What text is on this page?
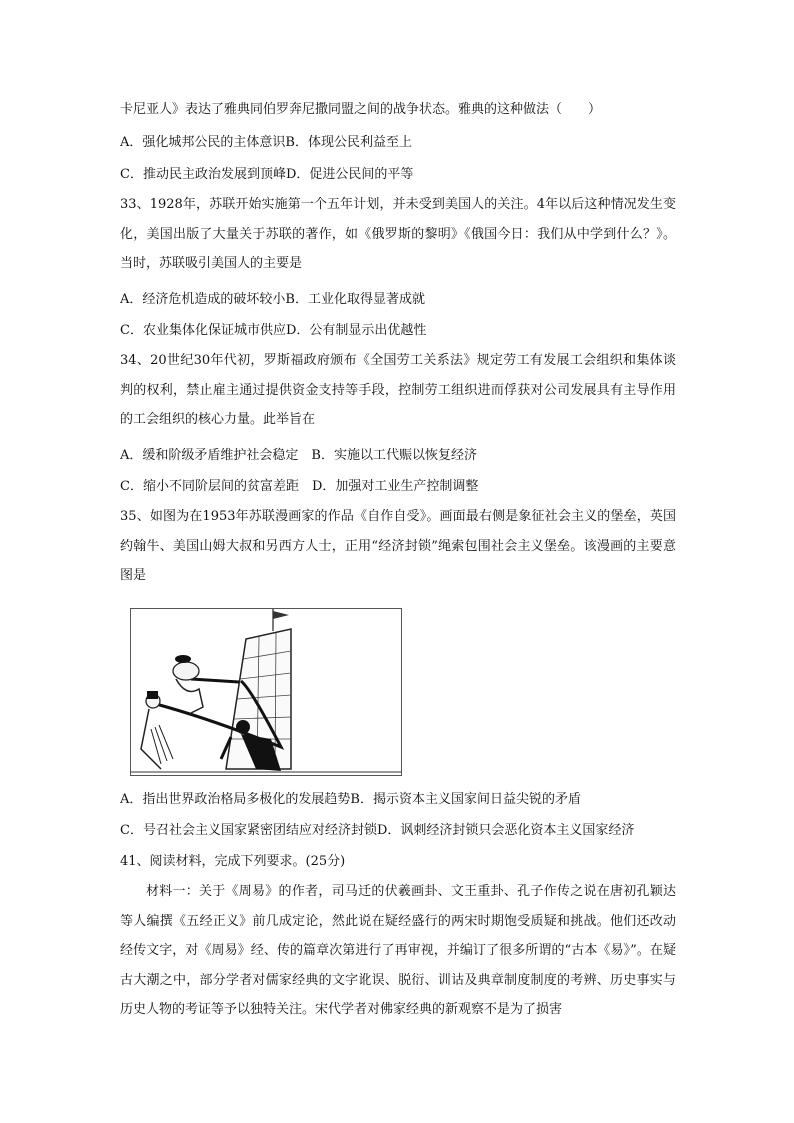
卡尼亚人》表达了雅典同伯罗奔尼撒同盟之间的战争状态。雅典的这种做法（　　）
A．强化城邦公民的主体意识B．体现公民利益至上
C．推动民主政治发展到顶峰D．促进公民间的平等
33、1928年，苏联开始实施第一个五年计划，并未受到美国人的关注。4年以后这种情况发生变化，美国出版了大量关于苏联的著作，如《俄罗斯的黎明》《俄国今日：我们从中学到什么？》。当时，苏联吸引美国人的主要是
A．经济危机造成的破坏较小B．工业化取得显著成就
C．农业集体化保证城市供应D．公有制显示出优越性
34、20世纪30年代初，罗斯福政府颁布《全国劳工关系法》规定劳工有发展工会组织和集体谈判的权利，禁止雇主通过提供资金支持等手段，控制劳工组织进而俘获对公司发展具有主导作用的工会组织的核心力量。此举旨在
A．缓和阶级矛盾维护社会稳定　B．实施以工代赈以恢复经济
C．缩小不同阶层间的贫富差距　D．加强对工业生产控制调整
35、如图为在1953年苏联漫画家的作品《自作自受》。画面最右侧是象征社会主义的堡垒，英国约翰牛、美国山姆大叔和另西方人士，正用“经济封锁”绳索包围社会主义堡垒。该漫画的主要意图是
A．指出世界政治格局多极化的发展趋势B．揭示资本主义国家间日益尖锐的矛盾
C．号召社会主义国家紧密团结应对经济封锁D．讽刺经济封锁只会恶化资本主义国家经济
41、阅读材料，完成下列要求。(25分)
材料一：关于《周易》的作者，司马迁的伏羲画卦、文王重卦、孔子作传之说在唐初孔颖达等人编撰《五经正义》前几成定论，然此说在疑经盛行的两宋时期饱受质疑和挑战。他们还改动经传文字，对《周易》经、传的篇章次第进行了再审视，并编订了很多所谓的“古本《易》”。在疑古大潮之中，部分学者对儒家经典的文字讹误、脱衍、训诂及典章制度制度的考辨、历史事实与历史人物的考证等予以独特关注。宋代学者对佛家经典的新观察不是为了损害
